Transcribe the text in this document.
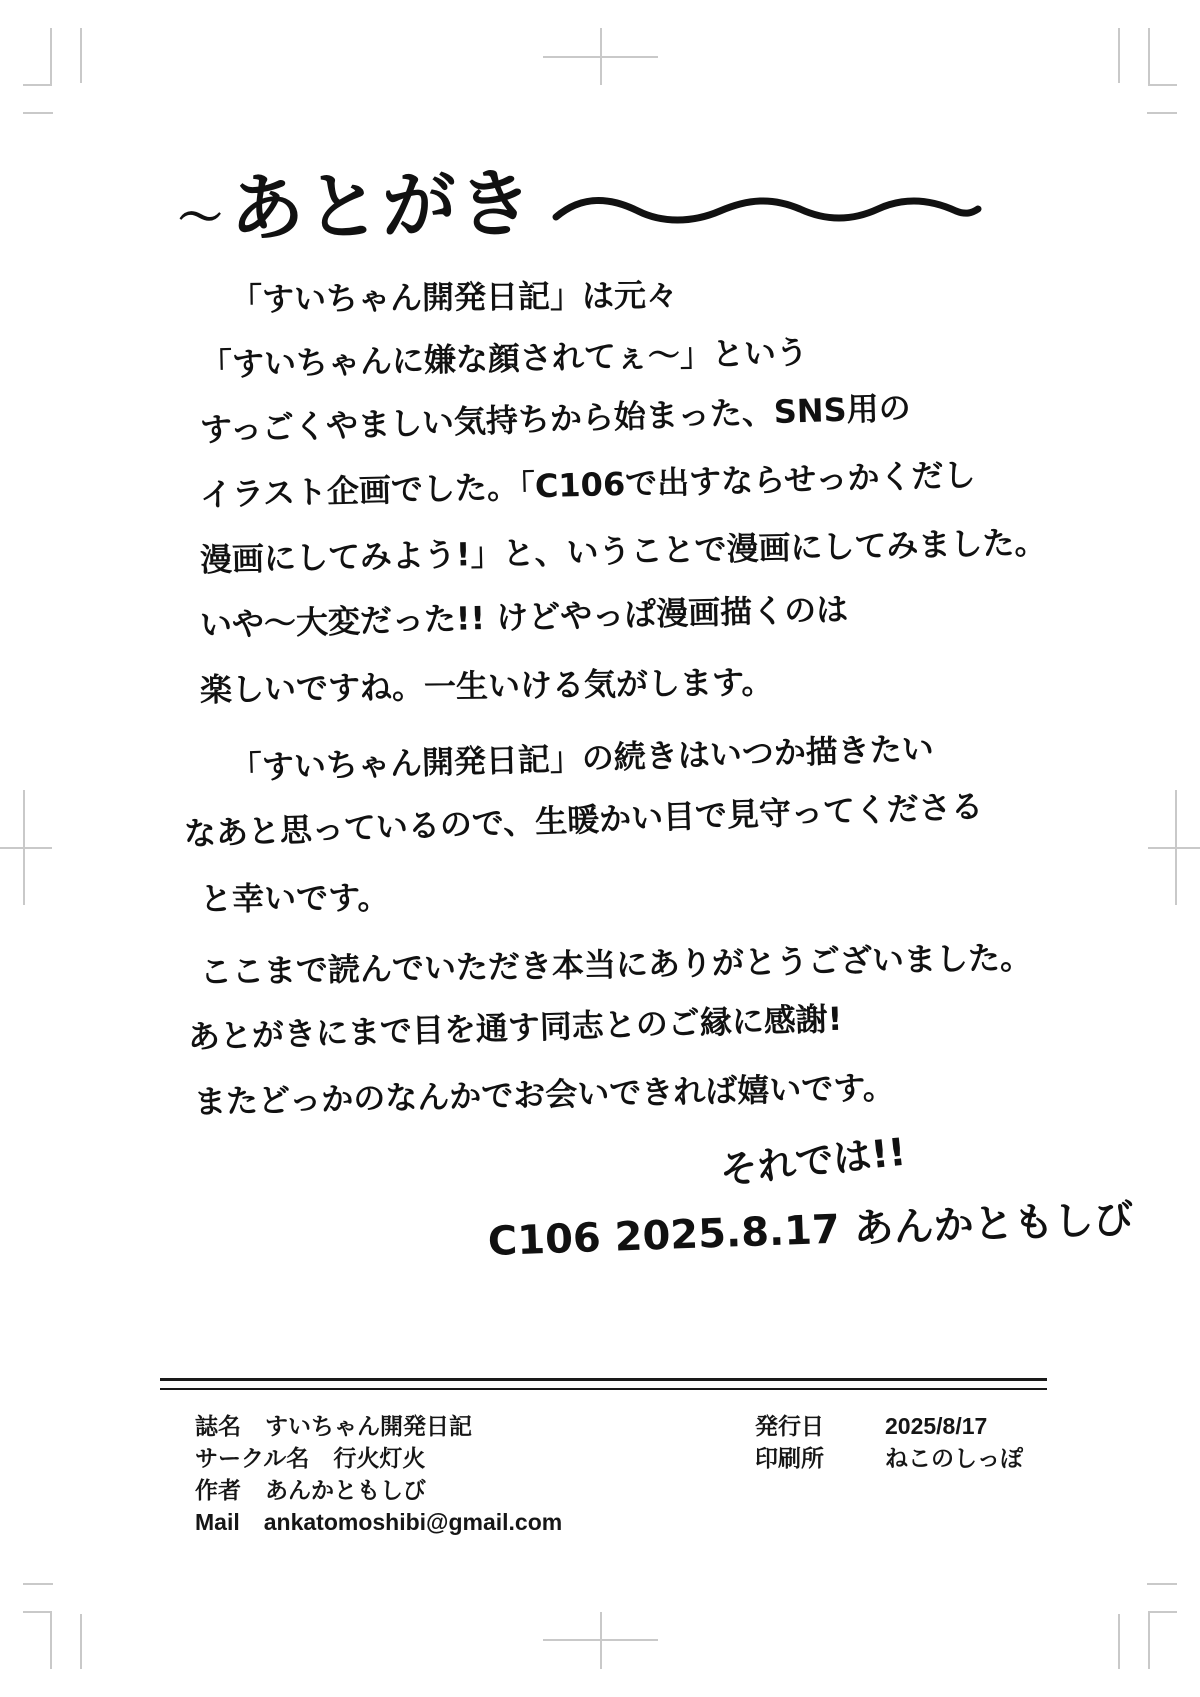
〜あとがき
「すいちゃん開発日記」は元々
「すいちゃんに嫌な顔されてぇ〜」という
すっごくやましい気持ちから始まった、SNS用の
イラスト企画でした。「C106で出すならせっかくだし
漫画にしてみよう!」と、いうことで漫画にしてみました。
いや〜大変だった!! けどやっぱ漫画描くのは
楽しいですね。一生いける気がします。
「すいちゃん開発日記」の続きはいつか描きたい
なあと思っているので、生暖かい目で見守ってくださる
と幸いです。
ここまで読んでいただき本当にありがとうございました。
あとがきにまで目を通す同志とのご縁に感謝!
またどっかのなんかでお会いできれば嬉いです。
それでは!!
C106 2025.8.17 あんかともしび
誌名 すいちゃん開発日記
サークル名 行火灯火
作者 あんかともしび
Mail ankatomoshibi@gmail.com
発行日	2025/8/17
印刷所	ねこのしっぽ
